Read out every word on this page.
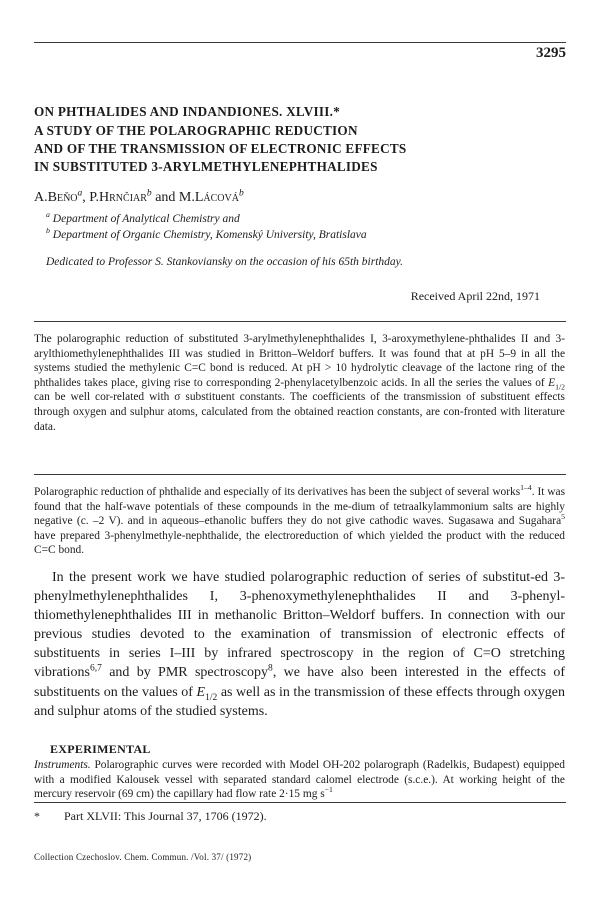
3295
ON PHTHALIDES AND INDANDIONES. XLVIII.*
A STUDY OF THE POLAROGRAPHIC REDUCTION
AND OF THE TRANSMISSION OF ELECTRONIC EFFECTS
IN SUBSTITUTED 3-ARYLMETHYLENEPHTHALIDES
A.Beňo$^a$, P.Hrnčiar$^b$ and M.Lácová$^b$
$^a$ Department of Analytical Chemistry and
$^b$ Department of Organic Chemistry, Komenský University, Bratislava
Dedicated to Professor S. Stankoviansky on the occasion of his 65th birthday.
Received April 22nd, 1971
The polarographic reduction of substituted 3-arylmethylenephthalides I, 3-aroxymethylene-phthalides II and 3-arylthiomethylenephthalides III was studied in Britton–Weldorf buffers. It was found that at pH 5–9 in all the systems studied the methylenic C=C bond is reduced. At pH > 10 hydrolytic cleavage of the lactone ring of the phthalides takes place, giving rise to corresponding 2-phenylacetylbenzoic acids. In all the series the values of $E_{1/2}$ can be well cor-related with σ substituent constants. The coefficients of the transmission of substituent effects through oxygen and sulphur atoms, calculated from the obtained reaction constants, are con-fronted with literature data.
Polarographic reduction of phthalide and especially of its derivatives has been the subject of several works$^{1-4}$. It was found that the half-wave potentials of these compounds in the me-dium of tetraalkylammonium salts are highly negative (c. –2 V). and in aqueous–ethanolic buffers they do not give cathodic waves. Sugasawa and Sugahara$^5$ have prepared 3-phenylmethyle-nephthalide, the electroreduction of which yielded the product with the reduced C=C bond.
In the present work we have studied polarographic reduction of series of substitut-ed 3-phenylmethylenephthalides I, 3-phenoxymethylenephthalides II and 3-phenyl-thiomethylenephthalides III in methanolic Britton–Weldorf buffers. In connection with our previous studies devoted to the examination of transmission of electronic effects of substituents in series I–III by infrared spectroscopy in the region of C=O stretching vibrations$^{6,7}$ and by PMR spectroscopy$^8$, we have also been interested in the effects of substituents on the values of $E_{1/2}$ as well as in the transmission of these effects through oxygen and sulphur atoms of the studied systems.
EXPERIMENTAL
Instruments. Polarographic curves were recorded with Model OH-202 polarograph (Radelkis, Budapest) equipped with a modified Kalousek vessel with separated standard calomel electrode (s.c.e.). At working height of the mercury reservoir (69 cm) the capillary had flow rate 2·15 mg $s^{-1}$
* Part XLVII: This Journal 37, 1706 (1972).
Collection Czechoslov. Chem. Commun. /Vol. 37/ (1972)
